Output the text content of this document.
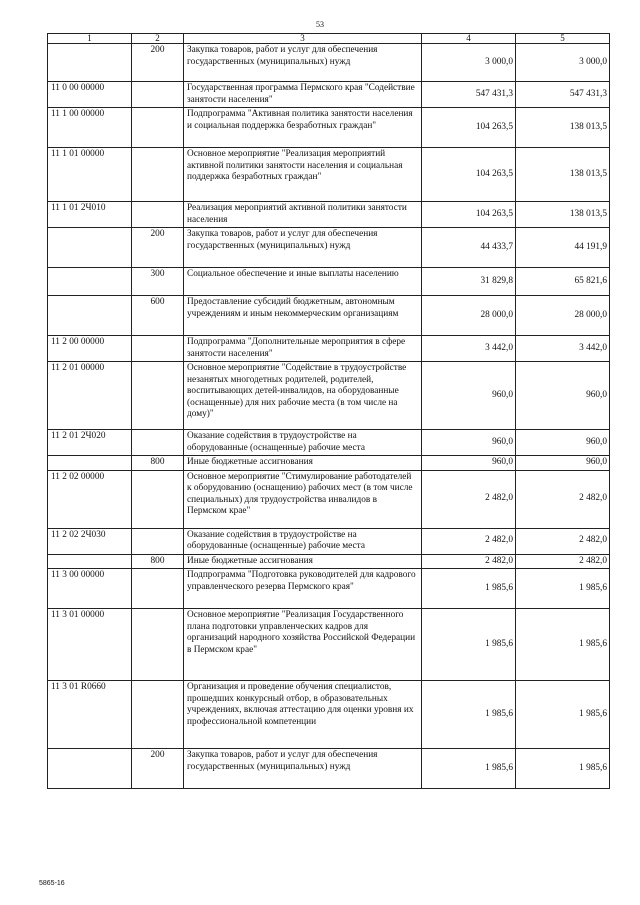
53
1	2	3	4	5
	200	Закупка товаров, работ и услуг для обеспечения государственных (муниципальных) нужд	3 000,0	3 000,0
11 0 00 00000		Государственная программа Пермского края "Содействие занятости населения"	547 431,3	547 431,3
11 1 00 00000		Подпрограмма "Активная политика занятости населения и социальная поддержка безработных граждан"	104 263,5	138 013,5
11 1 01 00000		Основное мероприятие "Реализация мероприятий активной политики занятости населения и социальная поддержка безработных граждан"	104 263,5	138 013,5
11 1 01 2Ч010		Реализация мероприятий активной политики занятости населения	104 263,5	138 013,5
	200	Закупка товаров, работ и услуг для обеспечения государственных (муниципальных) нужд	44 433,7	44 191,9
	300	Социальное обеспечение и иные выплаты населению	31 829,8	65 821,6
	600	Предоставление субсидий бюджетным, автономным учреждениям и иным некоммерческим организациям	28 000,0	28 000,0
11 2 00 00000		Подпрограмма "Дополнительные мероприятия в сфере занятости населения"	3 442,0	3 442,0
11 2 01 00000		Основное мероприятие "Содействие в трудоустройстве незанятых многодетных родителей, родителей, воспитывающих детей-инвалидов, на оборудованные (оснащенные) для них рабочие места (в том числе на дому)"	960,0	960,0
11 2 01 2Ч020		Оказание содействия в трудоустройстве на оборудованные (оснащенные) рабочие места	960,0	960,0
	800	Иные бюджетные ассигнования	960,0	960,0
11 2 02 00000		Основное мероприятие "Стимулирование работодателей к оборудованию (оснащению) рабочих мест (в том числе специальных) для трудоустройства инвалидов в Пермском крае"	2 482,0	2 482,0
11 2 02 2Ч030		Оказание содействия в трудоустройстве на оборудованные (оснащенные) рабочие места	2 482,0	2 482,0
	800	Иные бюджетные ассигнования	2 482,0	2 482,0
11 3 00 00000		Подпрограмма "Подготовка руководителей для кадрового управленческого резерва Пермского края"	1 985,6	1 985,6
11 3 01 00000		Основное мероприятие "Реализация Государственного плана подготовки управленческих кадров для организаций народного хозяйства Российской Федерации в Пермском крае"	1 985,6	1 985,6
11 3 01 R0660		Организация и проведение обучения специалистов, прошедших конкурсный отбор, в образовательных учреждениях, включая аттестацию для оценки уровня их профессиональной компетенции	1 985,6	1 985,6
	200	Закупка товаров, работ и услуг для обеспечения государственных (муниципальных) нужд	1 985,6	1 985,6
5865-16
